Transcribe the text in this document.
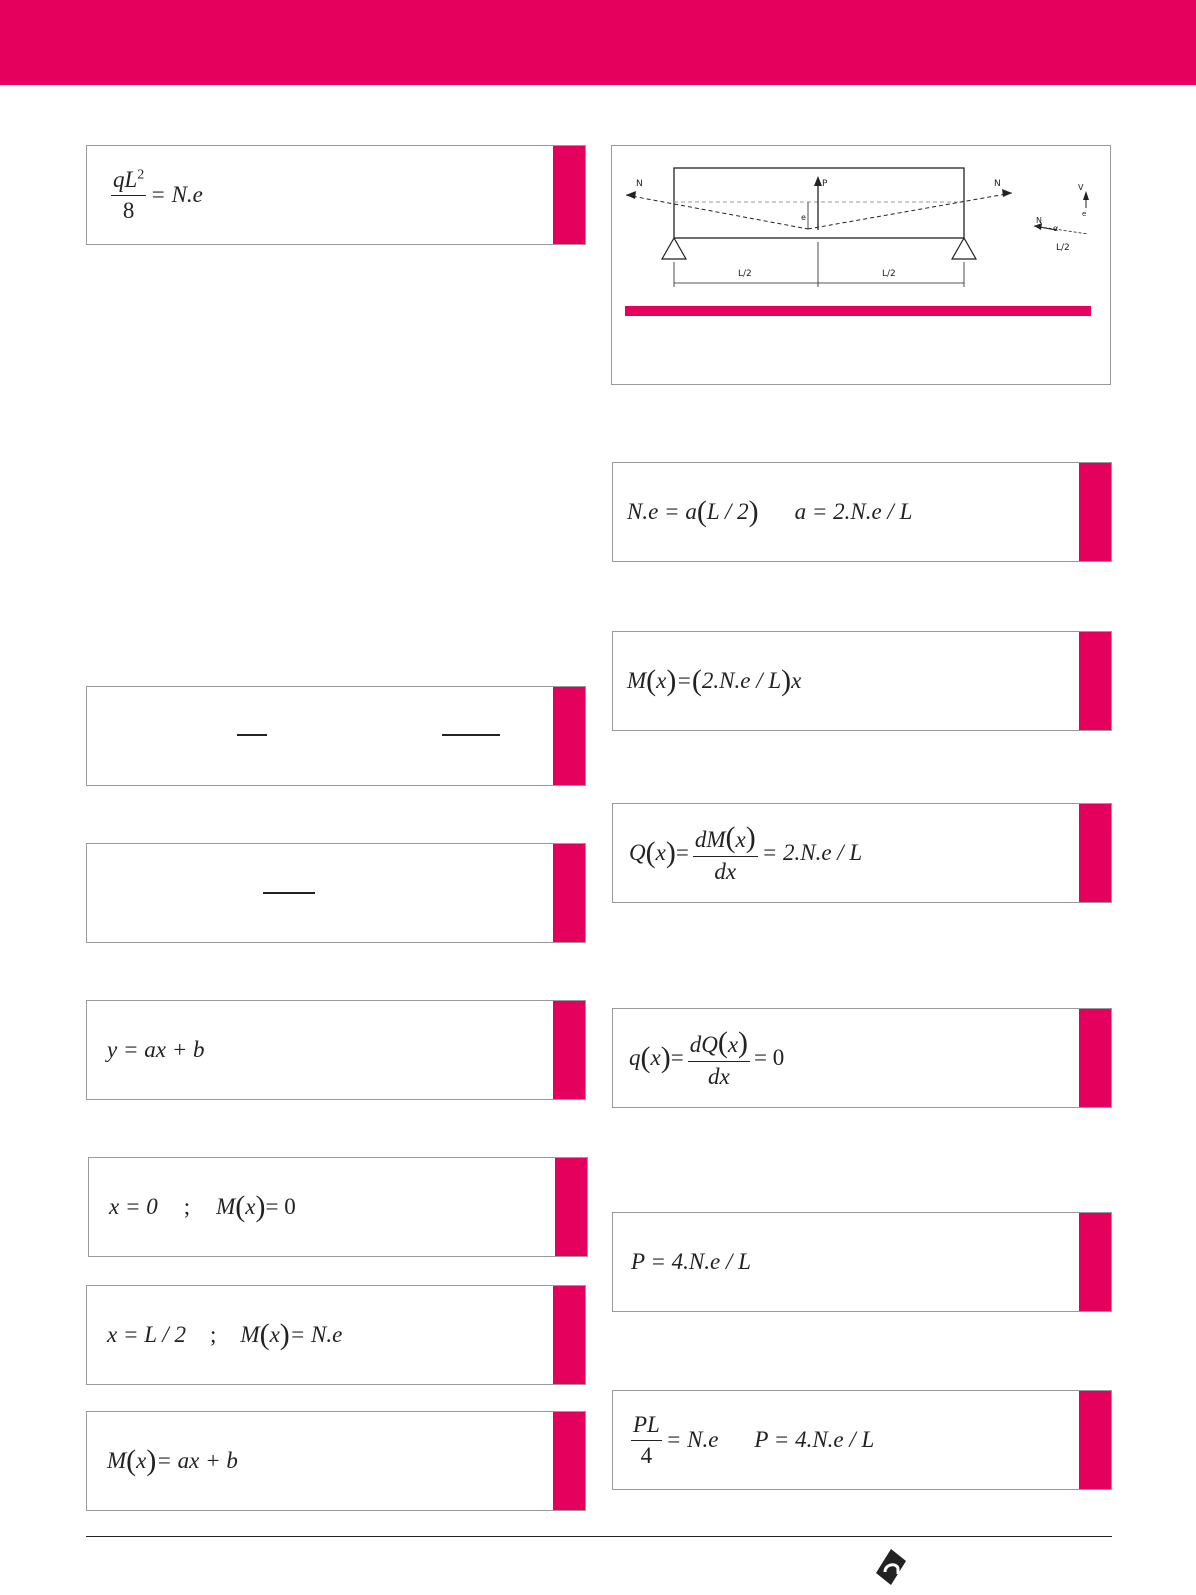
$\frac{qL^2}{8} = N.e$
y = ax + b
x = 0 ; M ( x ) = 0
x = L / 2 ; M ( x ) = N.e
M ( x ) = ax + b
e
P
N	N
L/2	L/2
V
e
N
α
L/2
N.e = a ( L / 2 ) a = 2.N.e / L
M ( x ) = ( 2.N.e / L ) x
Q ( x ) = $\frac{dM(x)}{dx} = 2.N.e / L$
q ( x ) = $\frac{dQ(x)}{dx} = 0$
P = 4.N.e / L
$\frac{PL}{4} = N.e$ P = 4.N.e / L
